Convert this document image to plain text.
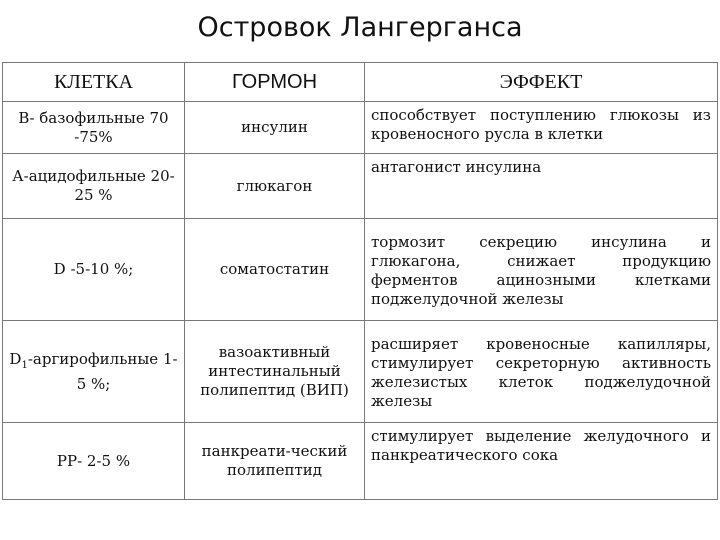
Островок Лангерганса
КЛЕТКА	ГОРМОН	ЭФФЕКТ
В- базофильные 70 -75%	инсулин	способствует поступлению глюкозы из кровеносного русла в клетки
А-ацидофильные 20-25 %	глюкагон	антагонист инсулина
D -5-10 %;	соматостатин	тормозит секрецию инсулина и глюкагона, снижает продукцию ферментов ацинозными клетками поджелудочной железы
$D_1$-аргирофильные 1-5 %;	вазоактивный интестинальный полипептид (ВИП)	расширяет кровеносные капилляры, стимулирует секреторную активность железистых клеток поджелудочной железы
РР- 2-5 %	панкреати-ческий полипептид	стимулирует выделение желудочного и панкреатического сока
